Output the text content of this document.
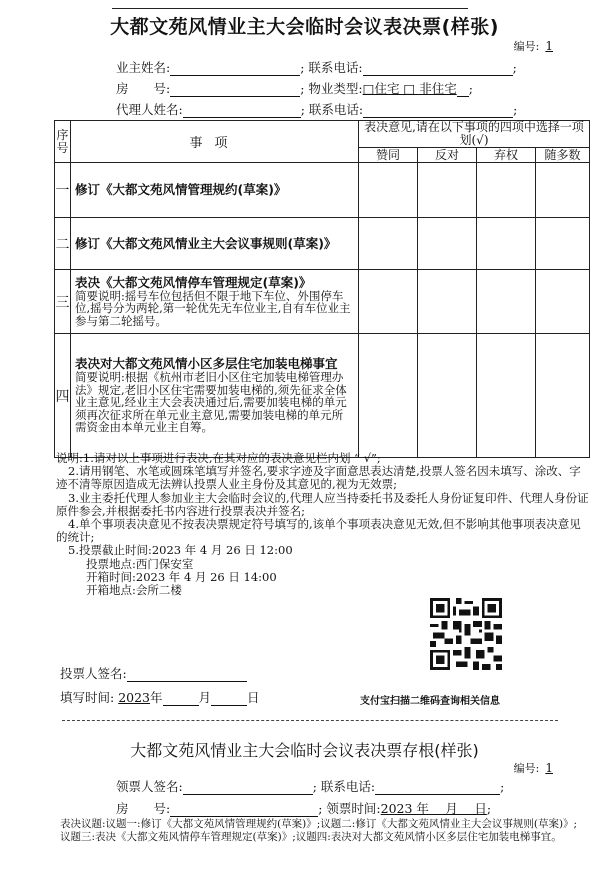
大都文苑风情业主大会临时会议表决票(样张)
编号: 1
业主姓名:	; 联系电话:	;
房　　号:	; 物业类型:□住宅 □ 非住宅 ;
代理人姓名:	; 联系电话:	;
序号	事项	表决意见,请在以下事项的四项中选择一项划(√)			
		赞同	反对	弃权	随多数
一	修订《大都文苑风情管理规约(草案)》				
二	修订《大都文苑风情业主大会议事规则(草案)》				
三	表决《大都文苑风情停车管理规定(草案)》
简要说明:摇号车位包括但不限于地下车位、外围停车位,摇号分为两轮,第一轮优先无车位业主,自有车位业主参与第二轮摇号。				

四	表决对大都文苑风情小区多层住宅加装电梯事宜
简要说明:根据《杭州市老旧小区住宅加装电梯管理办法》规定,老旧小区住宅需要加装电梯的,须先征求全体业主意见,经业主大会表决通过后,需要加装电梯的单元须再次征求所在单元业主意见,需要加装电梯的单元所需资金由本单元业主自筹。				

说明:1.请对以上事项进行表决,在其对应的表决意见栏内划 “ √”;

2.请用钢笔、水笔或圆珠笔填写并签名,要求字迹及字面意思表达清楚,投票人签名因未填写、涂改、字迹不清等原因造成无法辨认投票人业主身份及其意见的,视为无效票;

3.业主委托代理人参加业主大会临时会议的,代理人应当持委托书及委托人身份证复印件、代理人身份证原件参会,并根据委托书内容进行投票表决并签名;

4.单个事项表决意见不按表决票规定符号填写的,该单个事项表决意见无效,但不影响其他事项表决意见的统计;

5.投票截止时间:2023 年 4 月 26 日 12:00

投票地点:西门保安室

开箱时间:2023 年 4 月 26 日 14:00

开箱地点:会所二楼

投票人签名:
填写时间: 2023年	月	日	支付宝扫描二维码查询相关信息
大都文苑风情业主大会临时会议表决票存根(样张)
编号: 1
领票人签名:	; 联系电话:	;
房　　号:	; 领票时间:2023 年　 月　 日;
表决议题:议题一:修订《大都文苑风情管理规约(草案)》;议题二:修订《大都文苑风情业主大会议事规则(草案)》;议题三:表决《大都文苑风情停车管理规定(草案)》;议题四:表决对大都文苑风情小区多层住宅加装电梯事宜。
